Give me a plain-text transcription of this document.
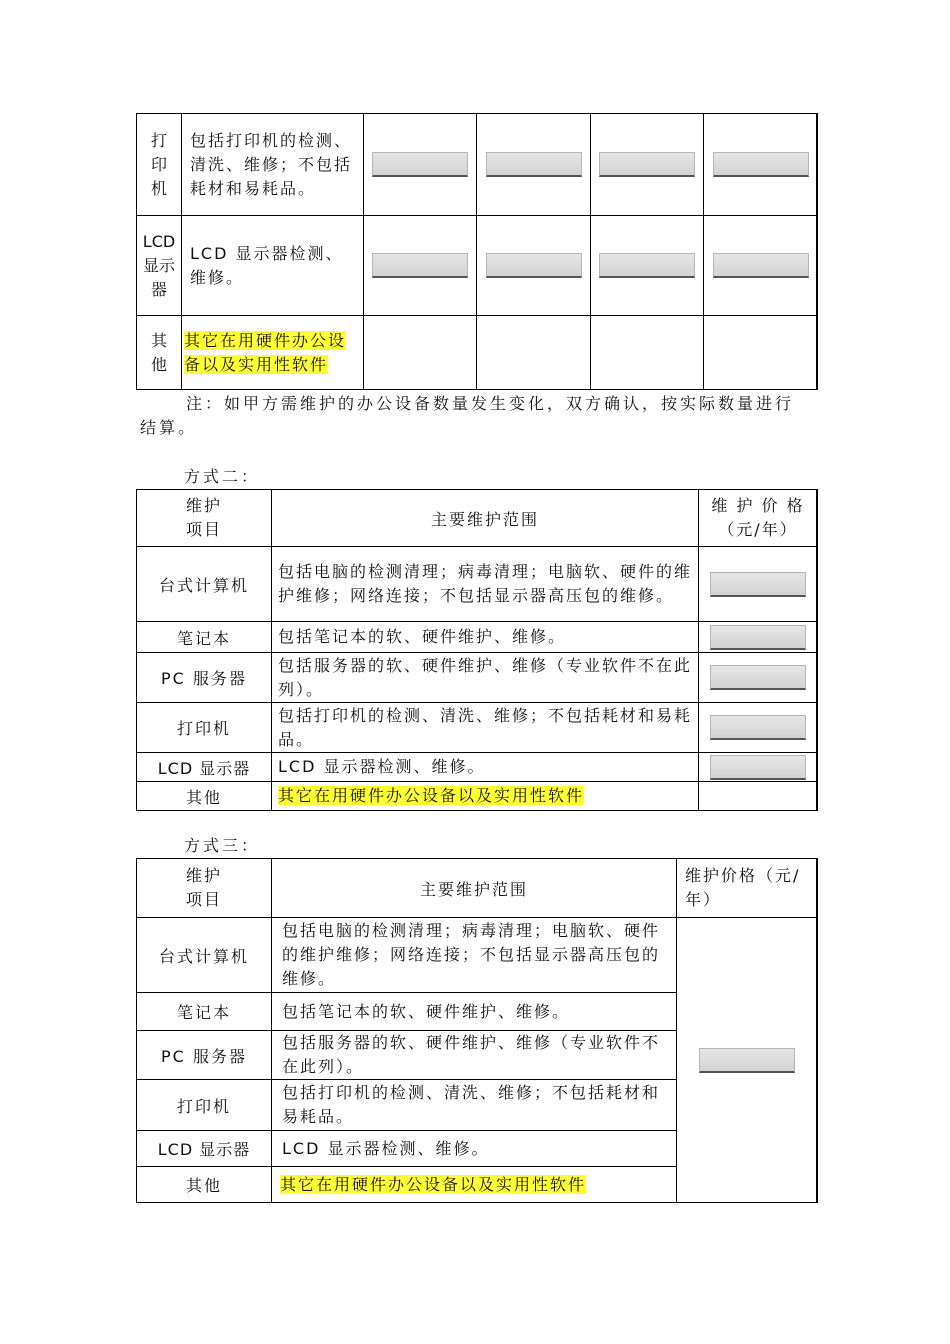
打印机	包括打印机的检测、清洗、维修；不包括耗材和易耗品。				

LCD显示器	LCD 显示器检测、维修。				

其他	其它在用硬件办公设备以及实用性软件				

注：如甲方需维护的办公设备数量发生变化，双方确认，按实际数量进行
结算。
方式二：
维护
项目	主要维护范围	维 护 价 格
（元/年）

台式计算机	包括电脑的检测清理；病毒清理；电脑软、硬件的维护维修；网络连接；不包括显示器高压包的维修。	

笔记本	包括笔记本的软、硬件维护、维修。	

PC 服务器	包括服务器的软、硬件维护、维修（专业软件不在此列）。	

打印机	包括打印机的检测、清洗、维修；不包括耗材和易耗品。	

LCD 显示器	LCD 显示器检测、维修。	

其他	其它在用硬件办公设备以及实用性软件	

方式三：
维护
项目	主要维护范围	维护价格（元/年）

台式计算机	包括电脑的检测清理；病毒清理；电脑软、硬件的维护维修；网络连接；不包括显示器高压包的维修。	

笔记本	包括笔记本的软、硬件维护、维修。	

PC 服务器	包括服务器的软、硬件维护、维修（专业软件不在此列）。	

打印机	包括打印机的检测、清洗、维修；不包括耗材和易耗品。	

LCD 显示器	LCD 显示器检测、维修。	

其他	其它在用硬件办公设备以及实用性软件	
